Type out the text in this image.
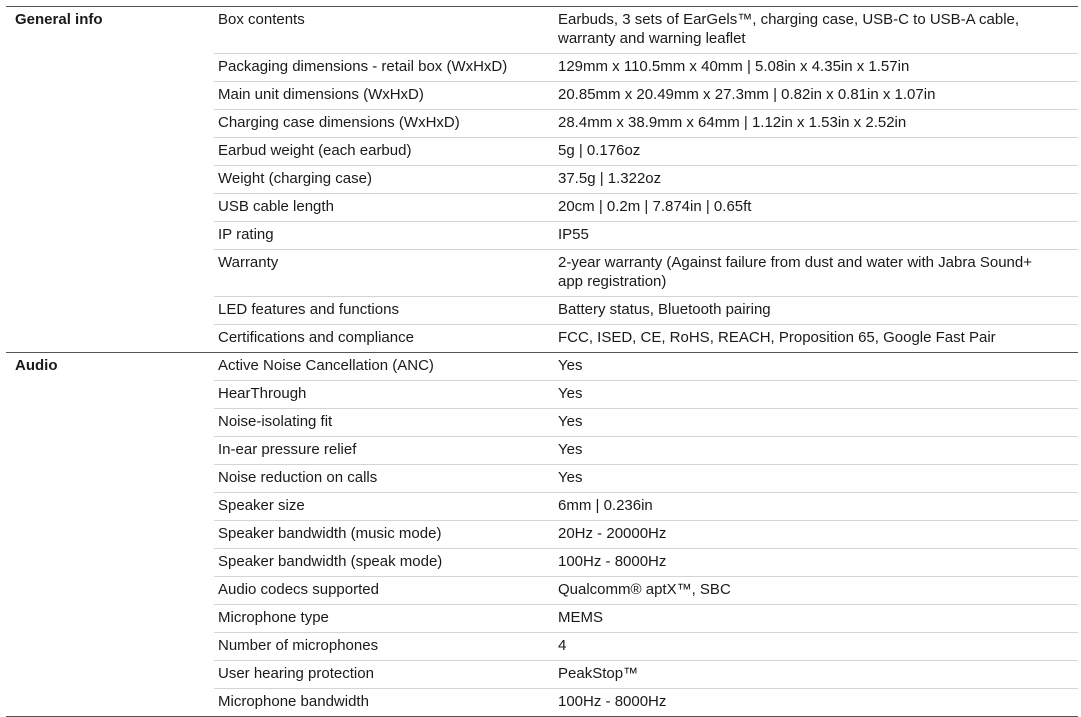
General info	Box contents	Earbuds, 3 sets of EarGels™, charging case, USB-C to USB-A cable, warranty and warning leaflet
Packaging dimensions - retail box (WxHxD)	129mm x 110.5mm x 40mm | 5.08in x 4.35in x 1.57in
Main unit dimensions (WxHxD)	20.85mm x 20.49mm x 27.3mm | 0.82in x 0.81in x 1.07in
Charging case dimensions (WxHxD)	28.4mm x 38.9mm x 64mm | 1.12in x 1.53in x 2.52in
Earbud weight (each earbud)	5g | 0.176oz
Weight (charging case)	37.5g | 1.322oz
USB cable length	20cm | 0.2m | 7.874in | 0.65ft
IP rating	IP55
Warranty	2-year warranty (Against failure from dust and water with Jabra Sound+ app registration)
LED features and functions	Battery status, Bluetooth pairing
Certifications and compliance	FCC, ISED, CE, RoHS, REACH, Proposition 65, Google Fast Pair
Audio	Active Noise Cancellation (ANC)	Yes
HearThrough	Yes
Noise-isolating fit	Yes
In-ear pressure relief	Yes
Noise reduction on calls	Yes
Speaker size	6mm | 0.236in
Speaker bandwidth (music mode)	20Hz - 20000Hz
Speaker bandwidth (speak mode)	100Hz - 8000Hz
Audio codecs supported	Qualcomm® aptX™, SBC
Microphone type	MEMS
Number of microphones	4
User hearing protection	PeakStop™
Microphone bandwidth	100Hz - 8000Hz
